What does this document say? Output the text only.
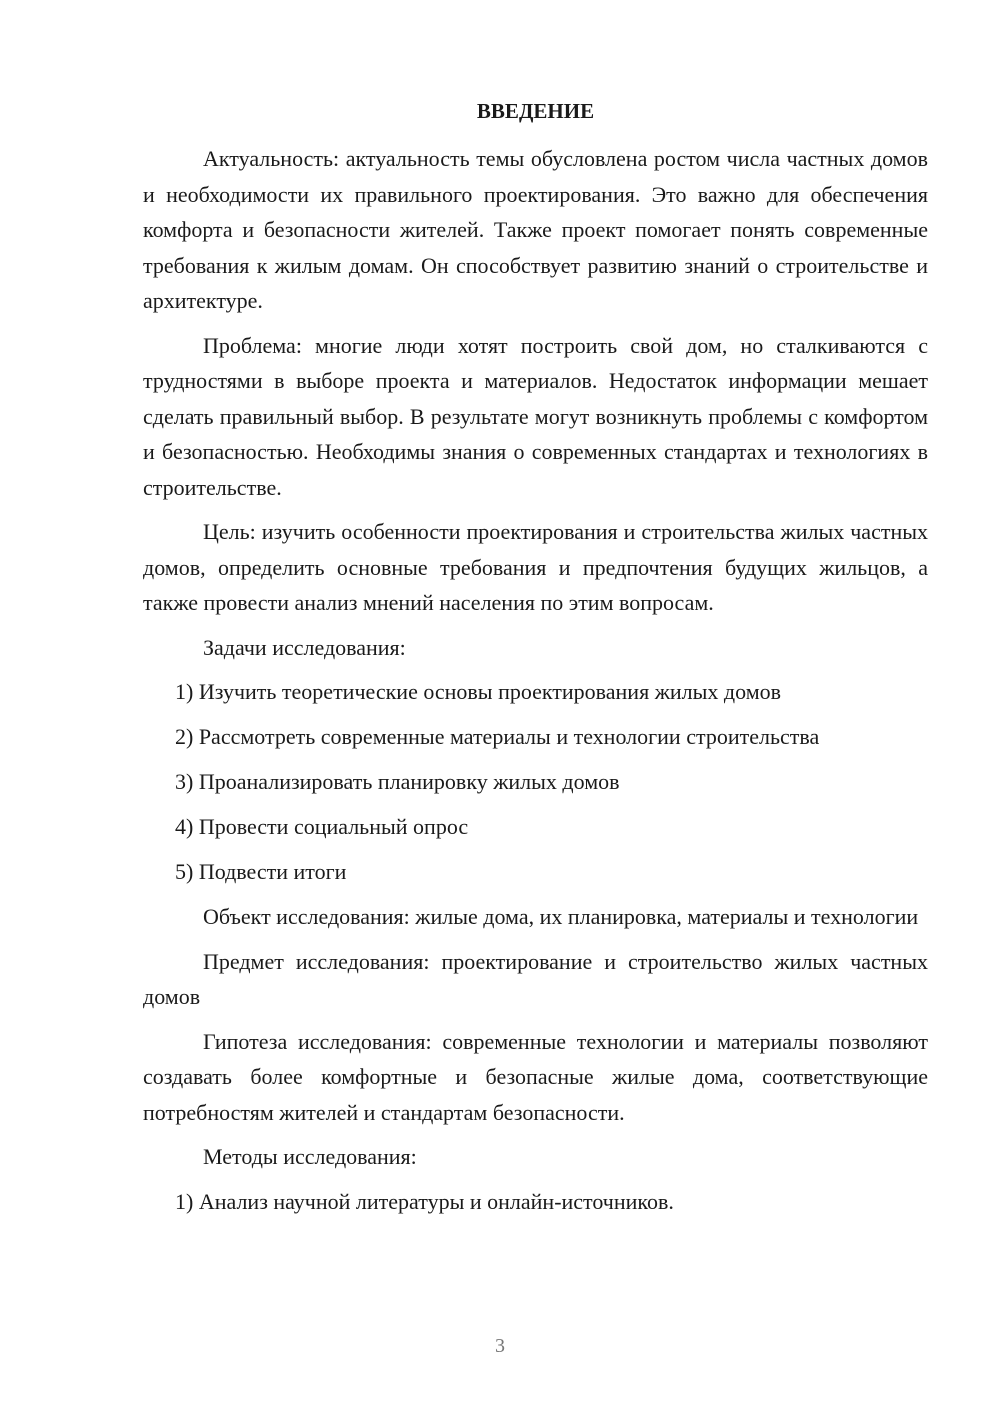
ВВЕДЕНИЕ

Актуальность: актуальность темы обусловлена ростом числа частных домов и необходимости их правильного проектирования. Это важно для обеспечения комфорта и безопасности жителей. Также проект помогает понять современные требования к жилым домам. Он способствует развитию знаний о строительстве и архитектуре.

Проблема: многие люди хотят построить свой дом, но сталкиваются с трудностями в выборе проекта и материалов. Недостаток информации мешает сделать правильный выбор. В результате могут возникнуть проблемы с комфортом и безопасностью. Необходимы знания о современных стандартах и технологиях в строительстве.

Цель: изучить особенности проектирования и строительства жилых частных домов, определить основные требования и предпочтения будущих жильцов, а также провести анализ мнений населения по этим вопросам.

Задачи исследования:

1) Изучить теоретические основы проектирования жилых домов
2) Рассмотреть современные материалы и технологии строительства
3) Проанализировать планировку жилых домов
4) Провести социальный опрос
5) Подвести итоги

Объект исследования: жилые дома, их планировка, материалы и технологии

Предмет исследования: проектирование и строительство жилых частных домов

Гипотеза исследования: современные технологии и материалы позволяют создавать более комфортные и безопасные жилые дома, соответствующие потребностям жителей и стандартам безопасности.

Методы исследования:

1) Анализ научной литературы и онлайн-источников.
3
